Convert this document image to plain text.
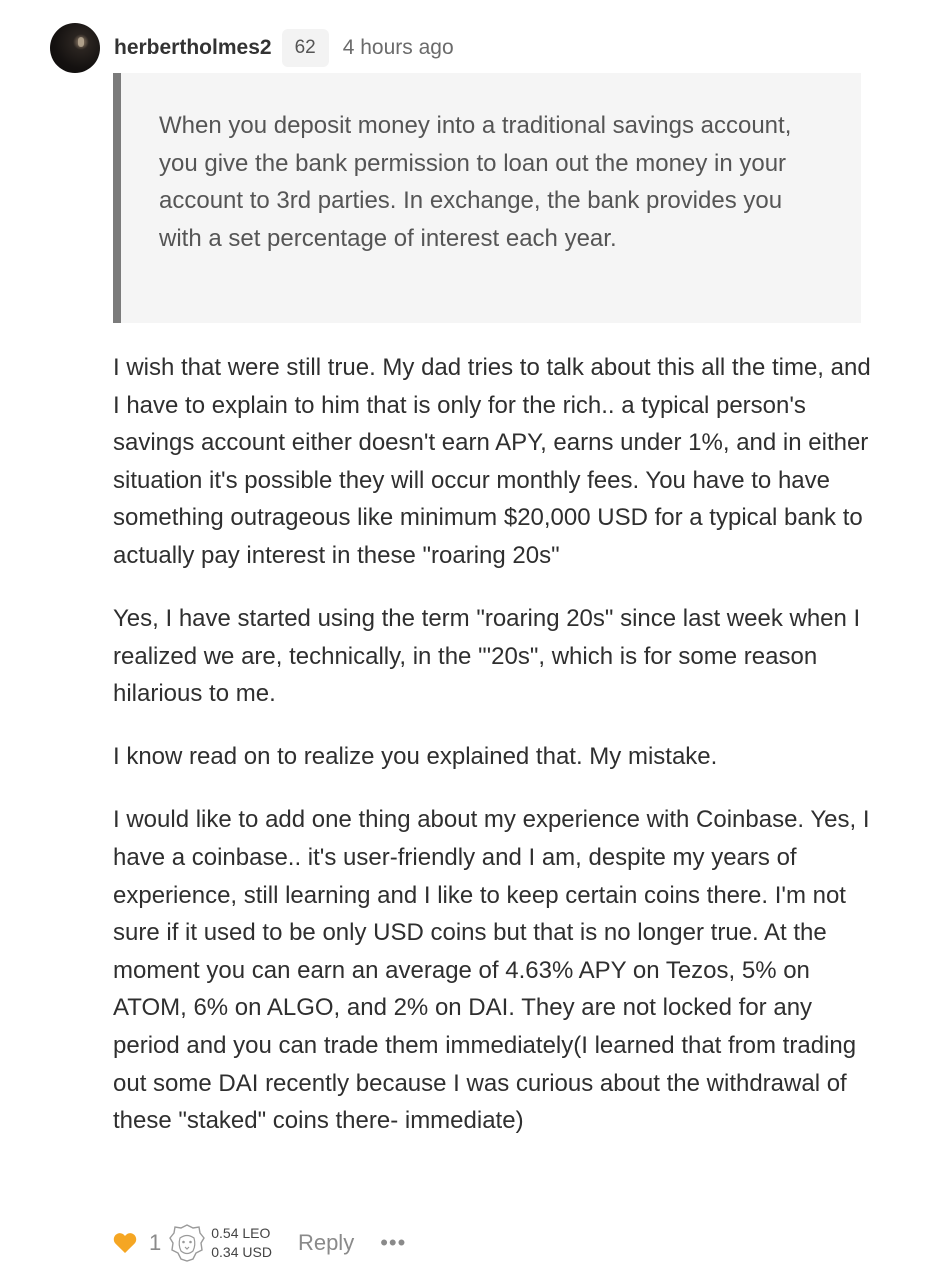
herbertholmes2	62	4 hours ago
When you deposit money into a traditional savings account, you give the bank permission to loan out the money in your account to 3rd parties. In exchange, the bank provides you with a set percentage of interest each year.

I wish that were still true. My dad tries to talk about this all the time, and I have to explain to him that is only for the rich.. a typical person's savings account either doesn't earn APY, earns under 1%, and in either situation it's possible they will occur monthly fees. You have to have something outrageous like minimum $20,000 USD for a typical bank to actually pay interest in these "roaring 20s"

Yes, I have started using the term "roaring 20s" since last week when I realized we are, technically, in the "'20s", which is for some reason hilarious to me.

I know read on to realize you explained that. My mistake.

I would like to add one thing about my experience with Coinbase. Yes, I have a coinbase.. it's user-friendly and I am, despite my years of experience, still learning and I like to keep certain coins there. I'm not sure if it used to be only USD coins but that is no longer true. At the moment you can earn an average of 4.63% APY on Tezos, 5% on ATOM, 6% on ALGO, and 2% on DAI. They are not locked for any period and you can trade them immediately(I learned that from trading out some DAI recently because I was curious about the withdrawal of these "staked" coins there- immediate)

1	0.54 LEO
0.34 USD Reply •••
